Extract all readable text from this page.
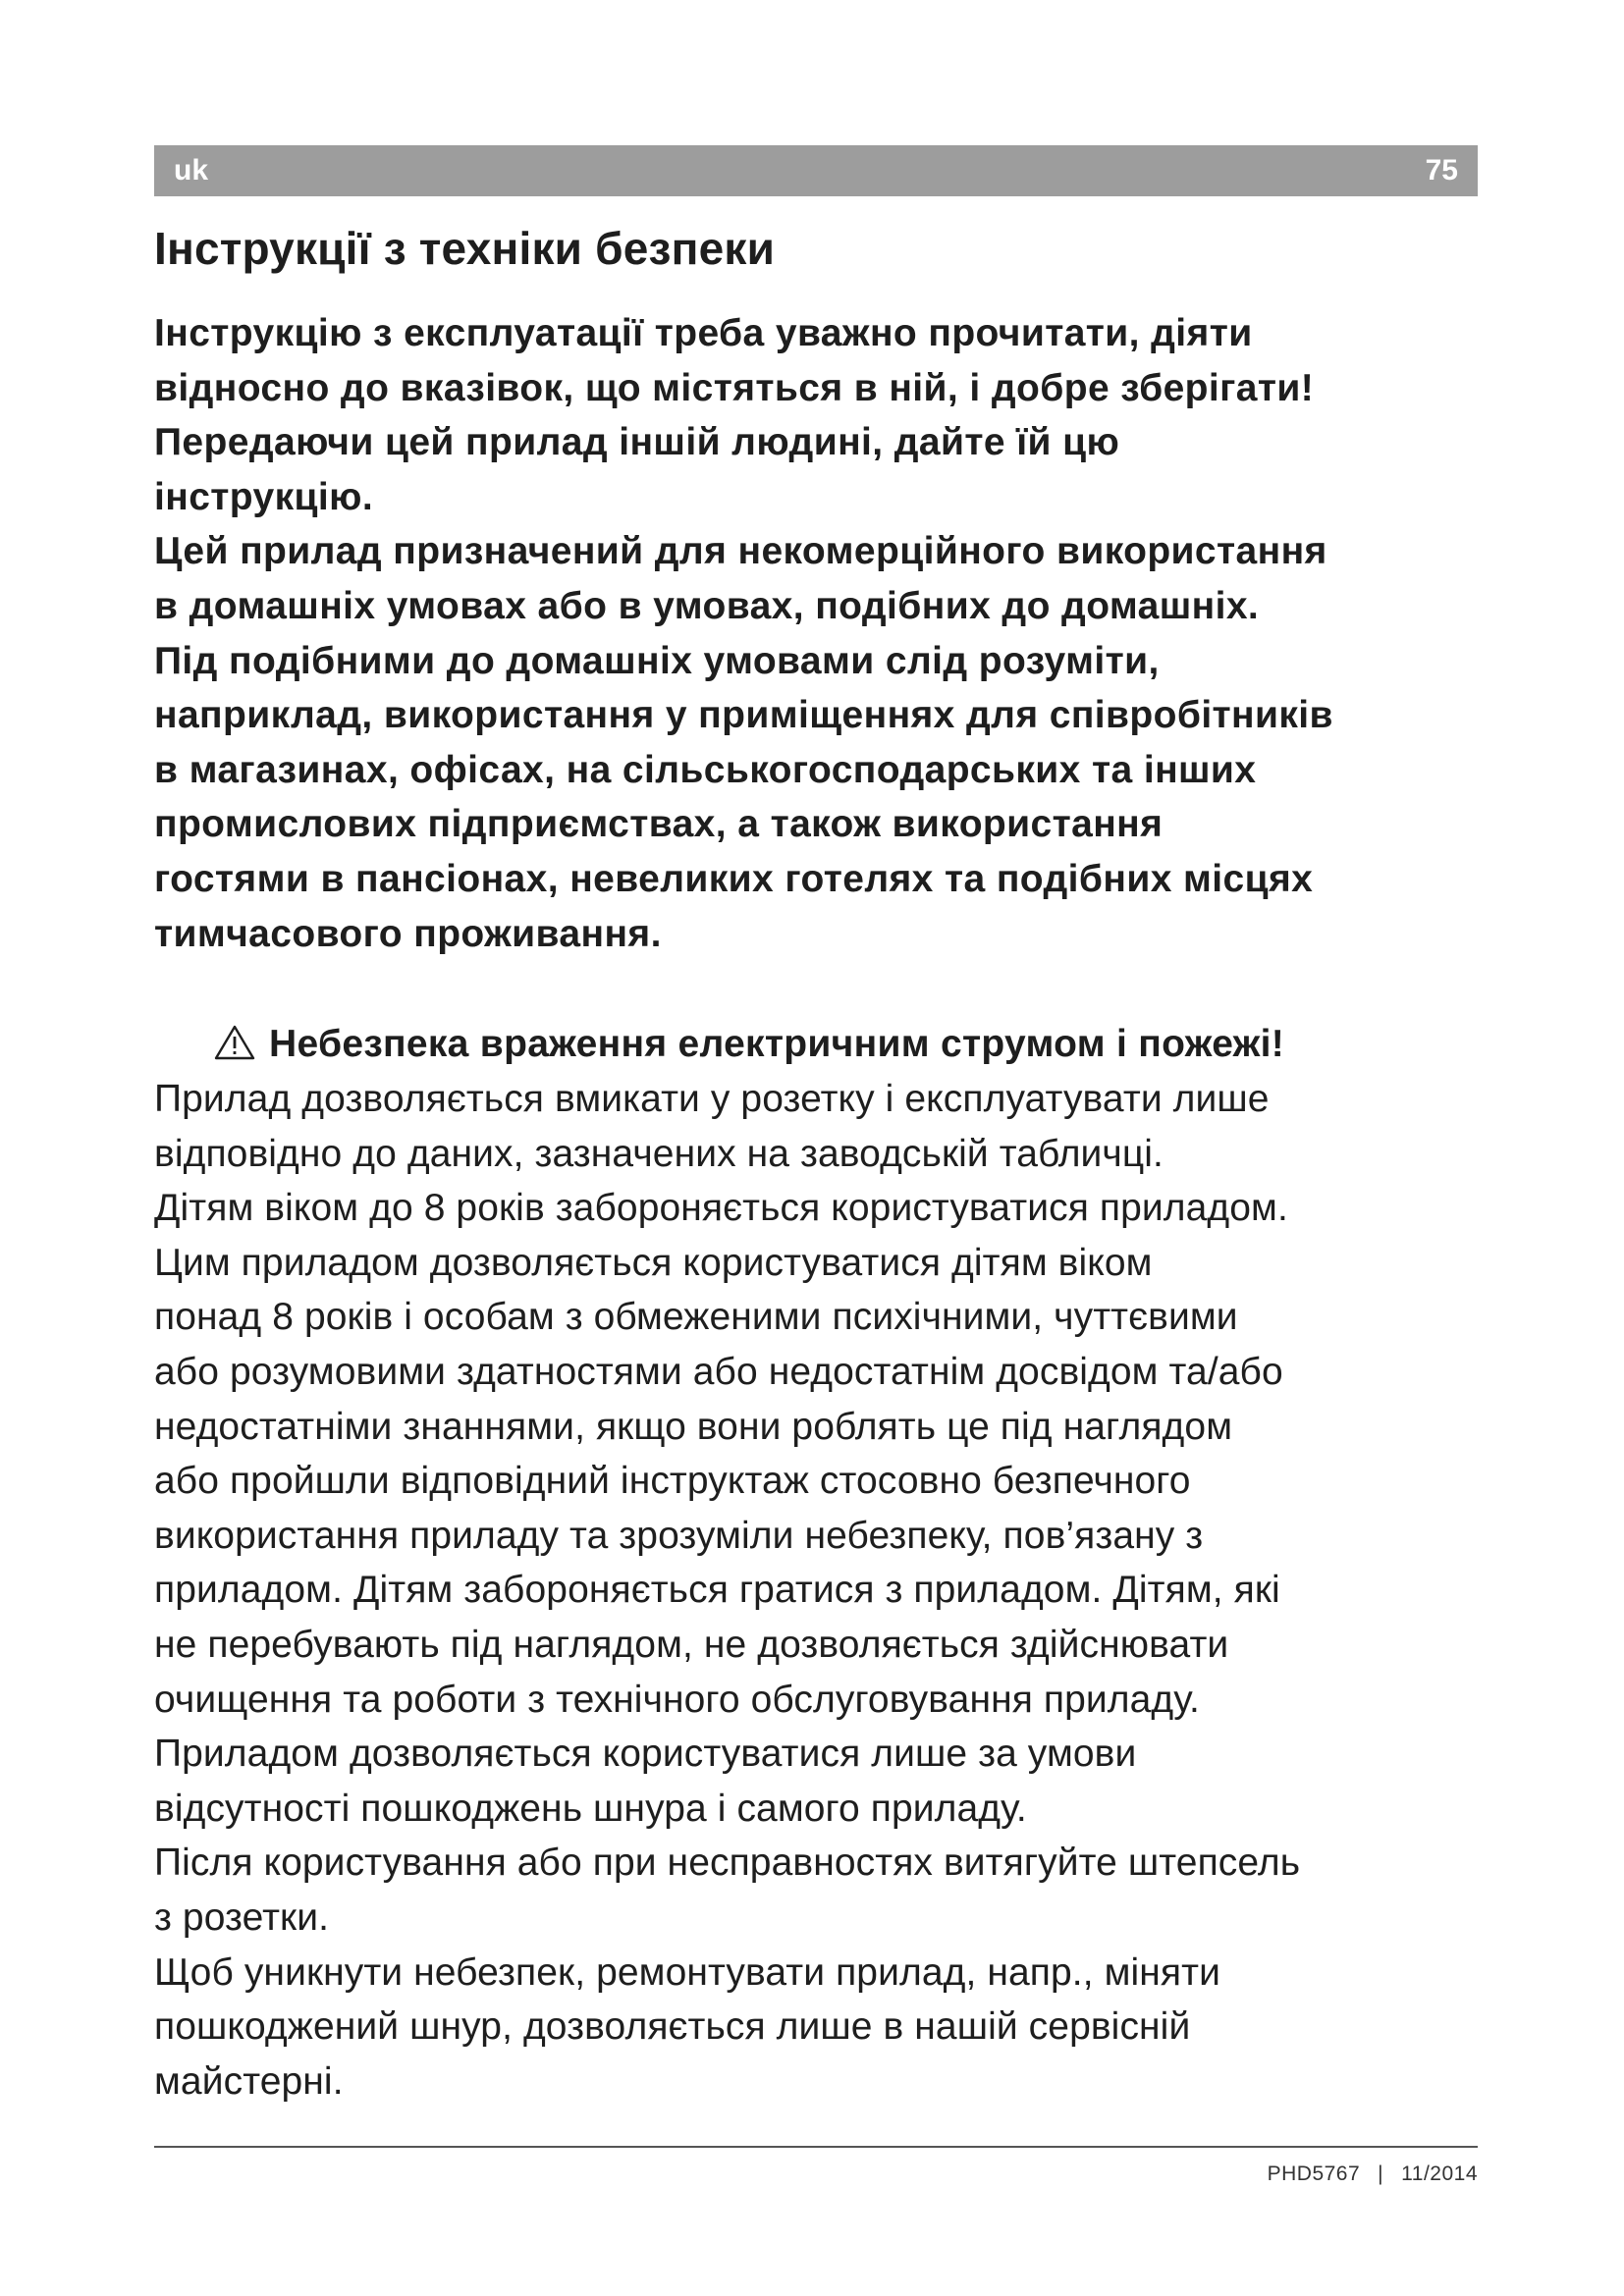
uk	75
Інструкції з техніки безпеки

Інструкцію з експлуатації треба уважно прочитати, діяти

відносно до вказівок, що містяться в ній, і добре зберігати!

Передаючи цей прилад іншій людині, дайте їй цю

інструкцію.

Цей прилад призначений для некомерційного використання

в домашніх умовах або в умовах, подібних до домашніх.

Під подібними до домашніх умовами слід розуміти,

наприклад, використання у приміщеннях для співробітників

в магазинах, офісах, на сільськогосподарських та інших

промислових підприємствах, а також використання

гостями в пансіонах, невеликих готелях та подібних місцях

тимчасового проживання.

Небезпека враження електричним струмом і пожежі!

Прилад дозволяється вмикати у розетку і експлуатувати лише

відповідно до даних, зазначених на заводській табличці.

Дітям віком до 8 років забороняється користуватися приладом.

Цим приладом дозволяється користуватися дітям віком

понад 8 років і особам з обмеженими психічними, чуттєвими

або розумовими здатностями або недостатнім досвідом та/або

недостатніми знаннями, якщо вони роблять це під наглядом

або пройшли відповідний інструктаж стосовно безпечного

використання приладу та зрозуміли небезпеку, пов’язану з

приладом. Дітям забороняється гратися з приладом. Дітям, які

не перебувають під наглядом, не дозволяється здійснювати

очищення та роботи з технічного обслуговування приладу.

Приладом дозволяється користуватися лише за умови

відсутності пошкоджень шнура і самого приладу.

Після користування або при несправностях витягуйте штепсель

з розетки.

Щоб уникнути небезпек, ремонтувати прилад, напр., міняти

пошкоджений шнур, дозволяється лише в нашій сервісній

майстерні.

PHD5767 | 11/2014
